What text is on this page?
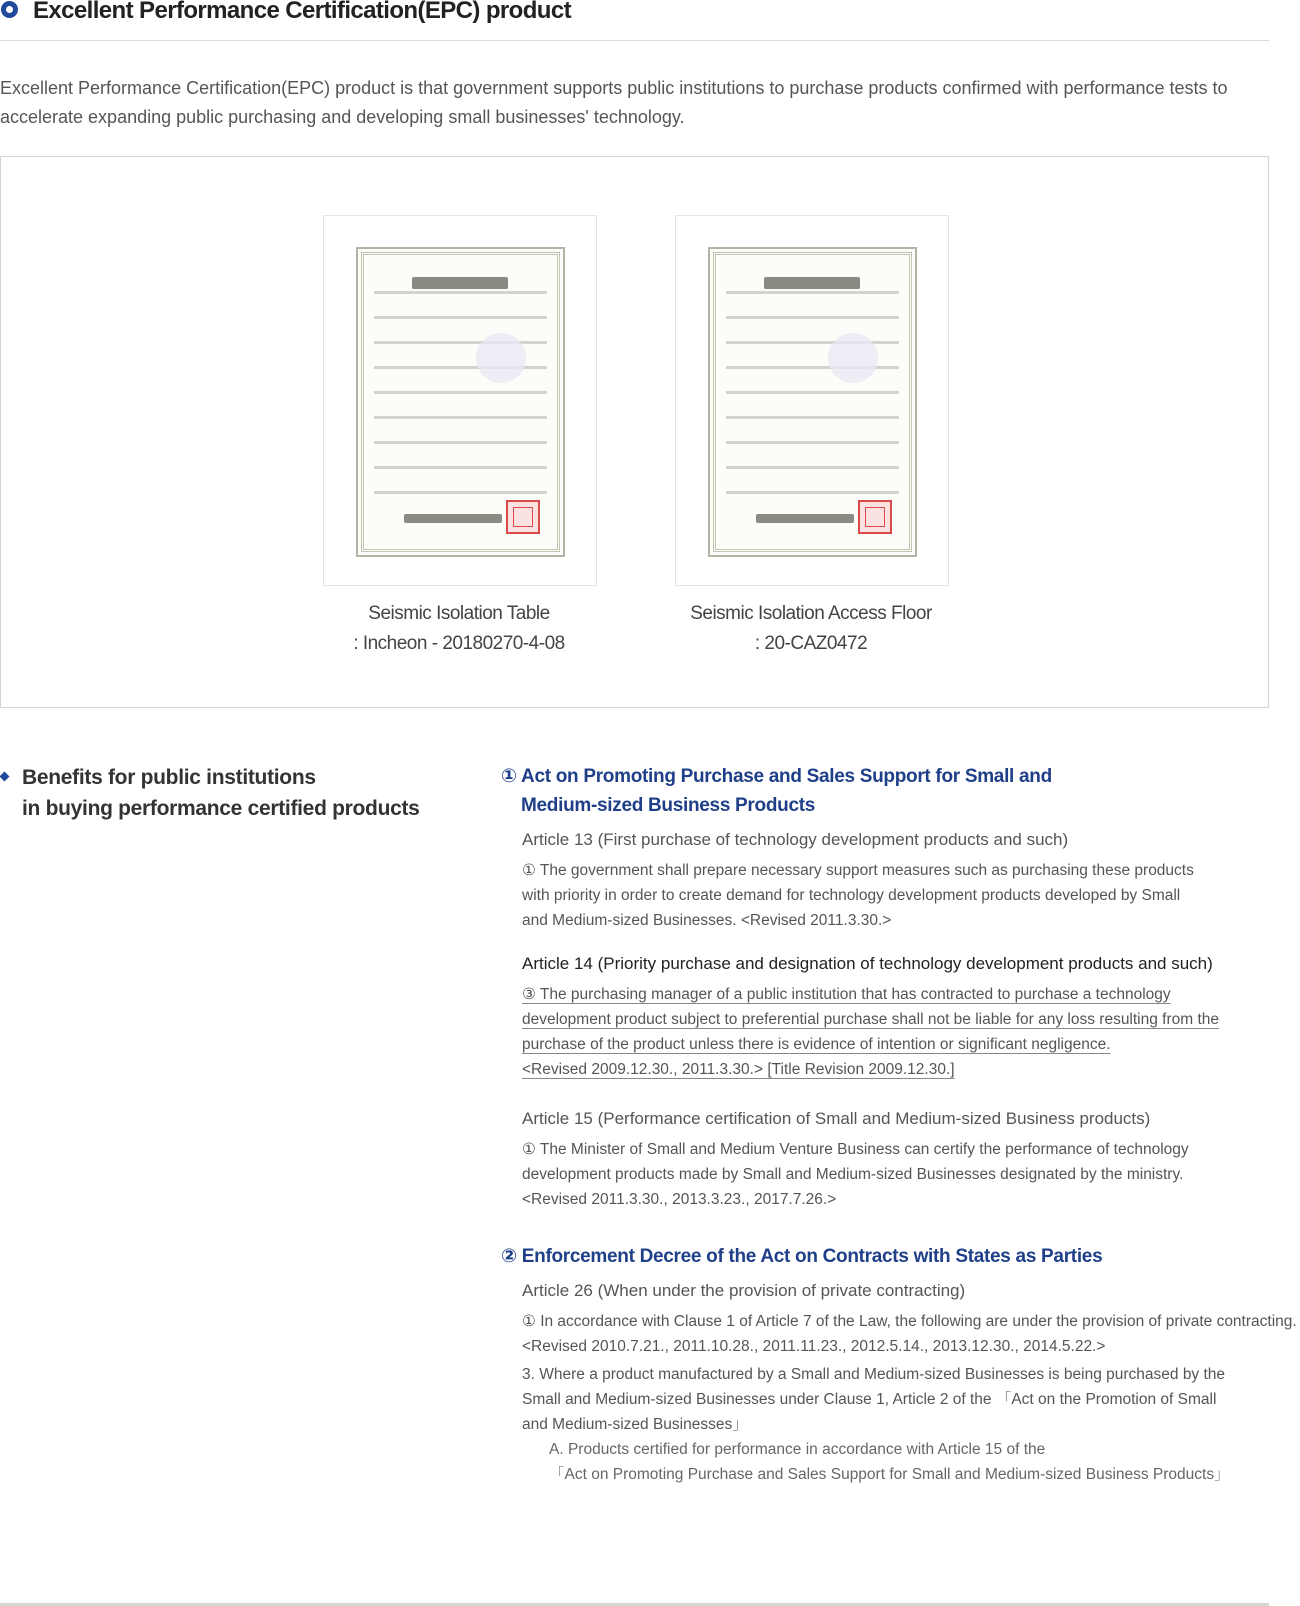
Excellent Performance Certification(EPC) product

Excellent Performance Certification(EPC) product is that government supports public institutions to purchase products confirmed with performance tests to accelerate expanding public purchasing and developing small businesses' technology.

Seismic Isolation Table
: Incheon - 20180270-4-08
Seismic Isolation Access Floor
: 20-CAZ0472
Benefits for public institutions
in buying performance certified products
① Act on Promoting Purchase and Sales Support for Small and
Medium-sized Business Products
Article 13 (First purchase of technology development products and such)
① The government shall prepare necessary support measures such as purchasing these products
with priority in order to create demand for technology development products developed by Small
and Medium-sized Businesses. <Revised 2011.3.30.>
Article 14 (Priority purchase and designation of technology development products and such)
③ The purchasing manager of a public institution that has contracted to purchase a technology
development product subject to preferential purchase shall not be liable for any loss resulting from the
purchase of the product unless there is evidence of intention or significant negligence.
<Revised 2009.12.30., 2011.3.30.> [Title Revision 2009.12.30.]
Article 15 (Performance certification of Small and Medium-sized Business products)
① The Minister of Small and Medium Venture Business can certify the performance of technology
development products made by Small and Medium-sized Businesses designated by the ministry.
<Revised 2011.3.30., 2013.3.23., 2017.7.26.>
② Enforcement Decree of the Act on Contracts with States as Parties
Article 26 (When under the provision of private contracting)
① In accordance with Clause 1 of Article 7 of the Law, the following are under the provision of private contracting.
<Revised 2010.7.21., 2011.10.28., 2011.11.23., 2012.5.14., 2013.12.30., 2014.5.22.>
3. Where a product manufactured by a Small and Medium-sized Businesses is being purchased by the
Small and Medium-sized Businesses under Clause 1, Article 2 of the 「Act on the Promotion of Small
and Medium-sized Businesses」
A. Products certified for performance in accordance with Article 15 of the
「Act on Promoting Purchase and Sales Support for Small and Medium-sized Business Products」
